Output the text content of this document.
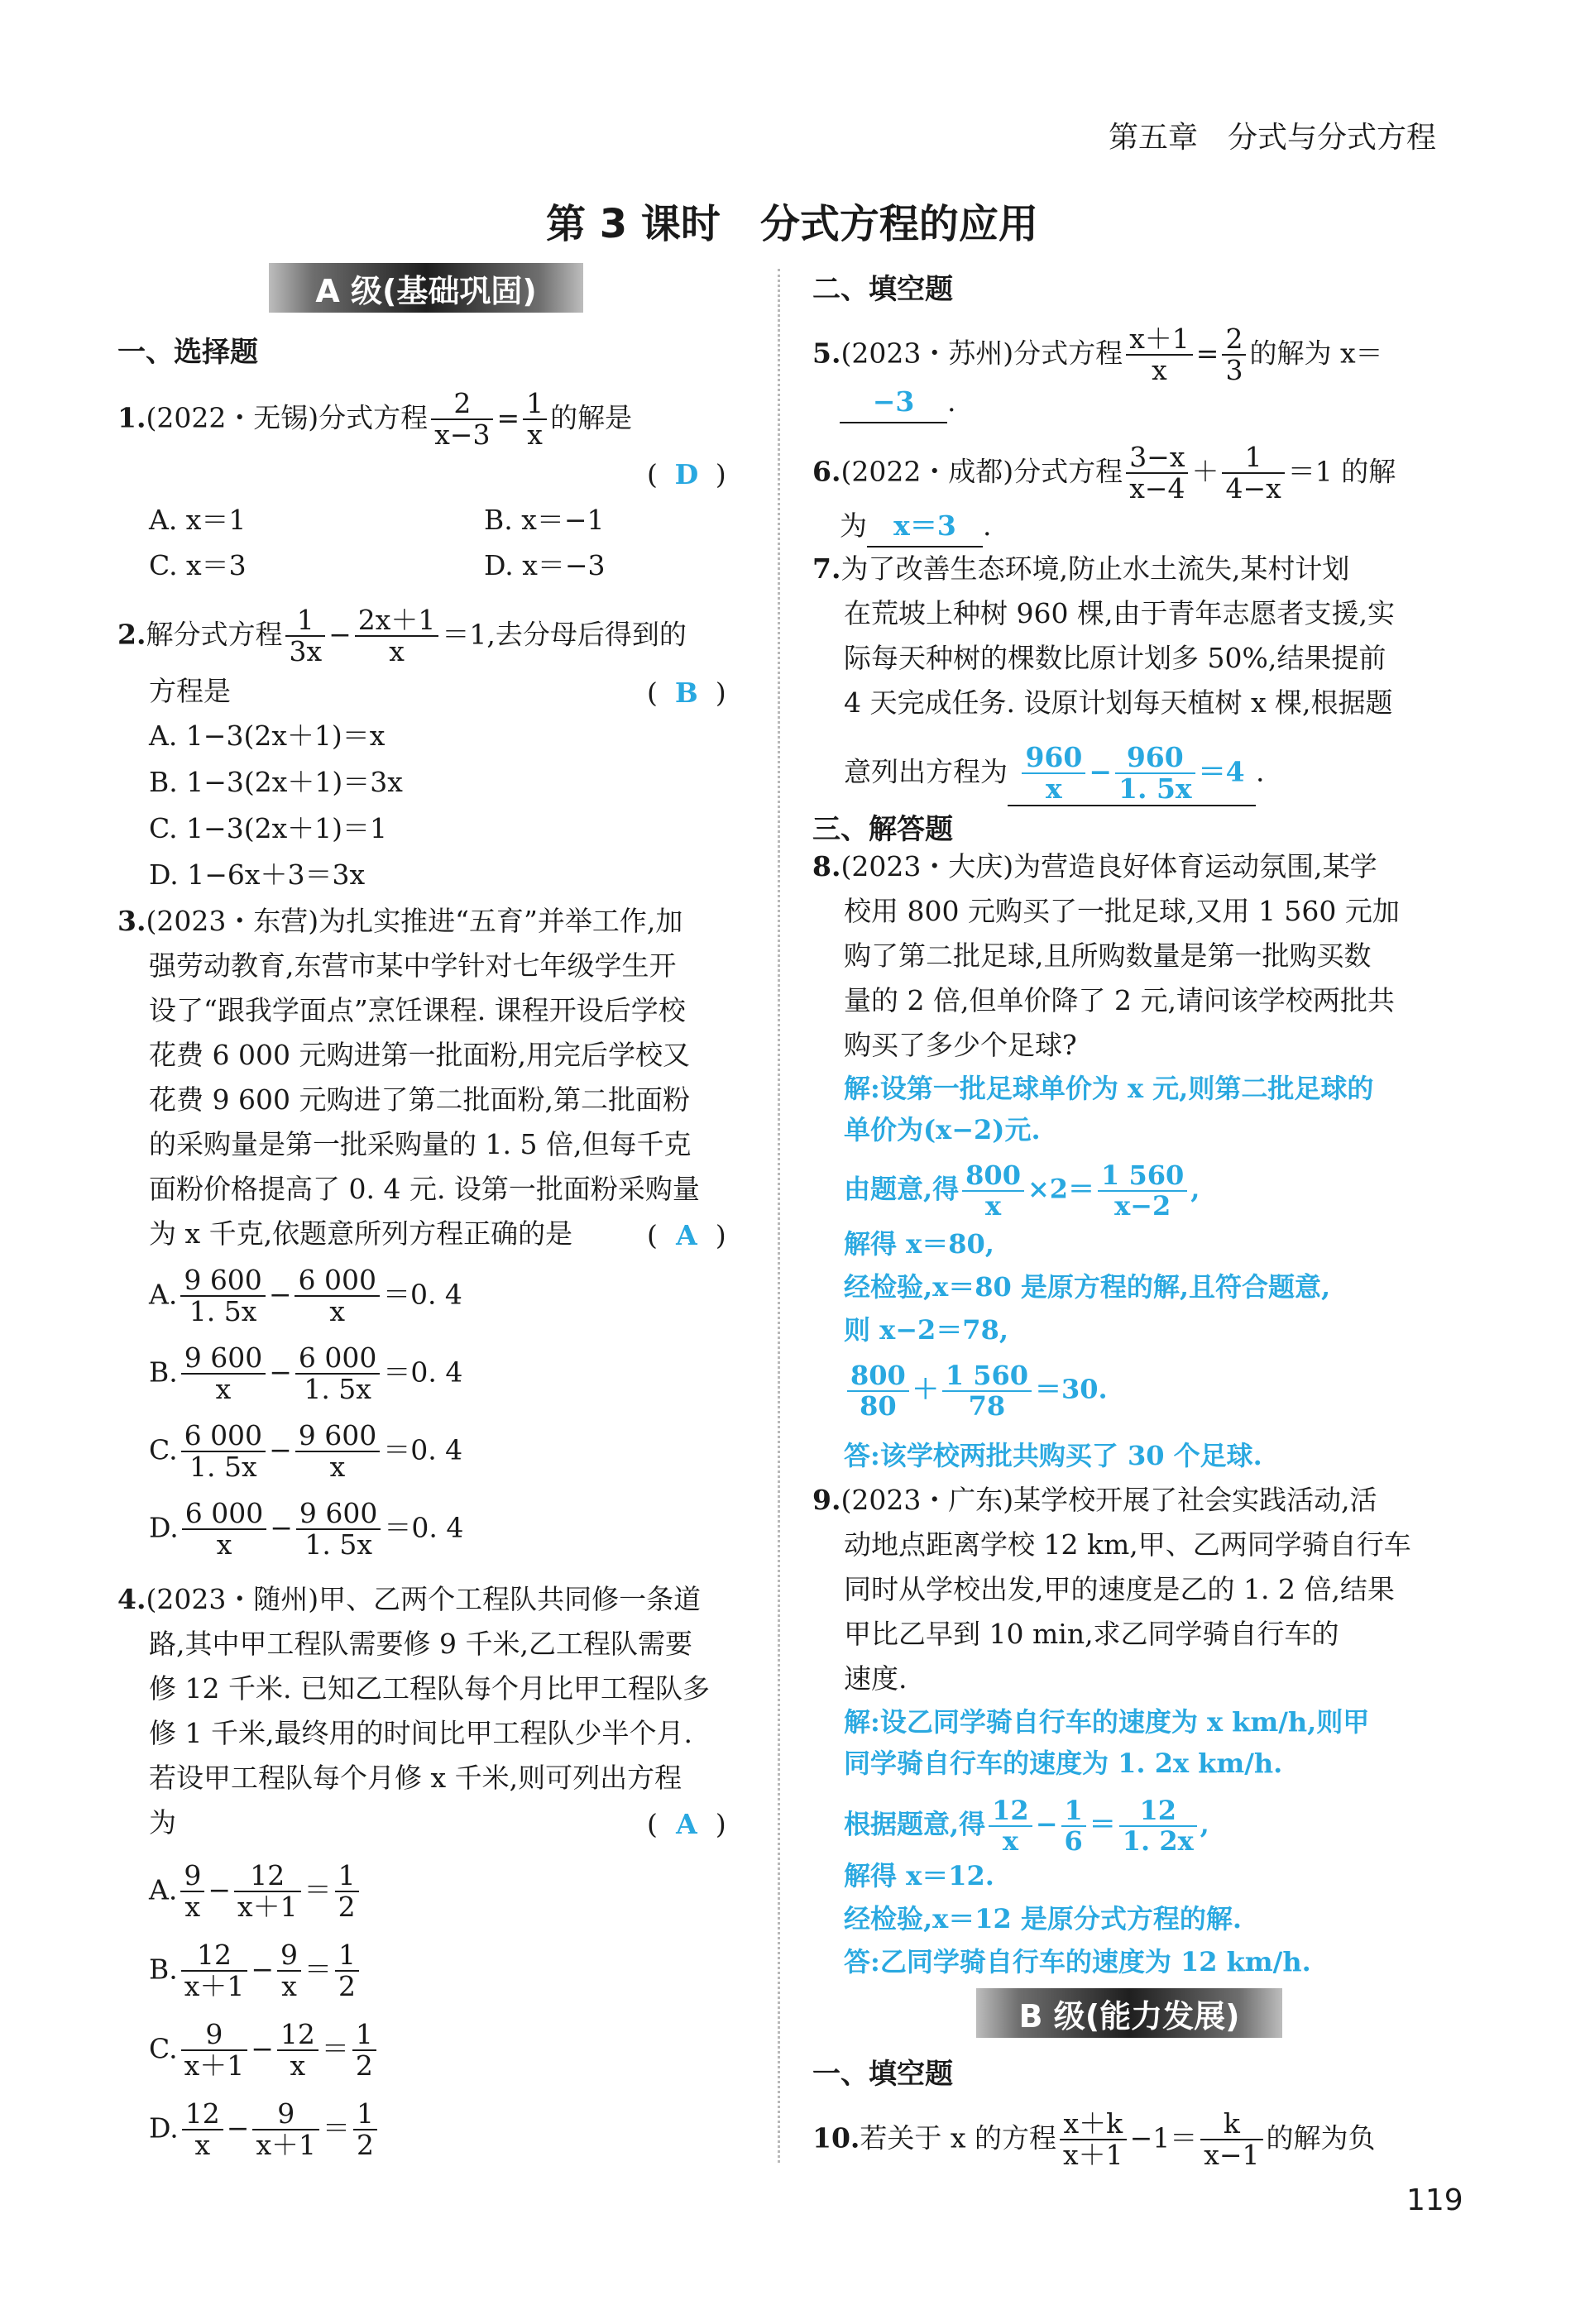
第五章　分式与分式方程
第 3 课时　分式方程的应用
A 级(基础巩固)
一、选择题
1.(2022・无锡)分式方程 $\frac{2}{x-3} = \frac{1}{x}$ 的解是
( D )
A. x＝1	B. x＝−1
C. x＝3	D. x＝−3
2.解分式方程 $\frac{1}{3x} - \frac{2x+1}{x} =1$,去分母后得到的
方程是	( B )
A. 1−3(2x＋1)＝x
B. 1−3(2x＋1)＝3x
C. 1−3(2x＋1)＝1
D. 1−6x＋3＝3x
3.(2023・东营)为扎实推进“五育”并举工作,加
强劳动教育,东营市某中学针对七年级学生开
设了“跟我学面点”烹饪课程. 课程开设后学校
花费 6 000 元购进第一批面粉,用完后学校又
花费 9 600 元购进了第二批面粉,第二批面粉
的采购量是第一批采购量的 1. 5 倍,但每千克
面粉价格提高了 0. 4 元. 设第一批面粉采购量
为 x 千克,依题意所列方程正确的是	( A )
A. $\frac{9 600}{1. 5x} - \frac{6 000}{x} =0$. 4
B. $\frac{9 600}{x} - \frac{6 000}{1. 5x} =0$. 4
C. $\frac{6 000}{1. 5x} - \frac{9 600}{x} =0$. 4
D. $\frac{6 000}{x} - \frac{9 600}{1. 5x} =0$. 4
4.(2023・随州)甲、乙两个工程队共同修一条道
路,其中甲工程队需要修 9 千米,乙工程队需要
修 12 千米. 已知乙工程队每个月比甲工程队多
修 1 千米,最终用的时间比甲工程队少半个月.
若设甲工程队每个月修 x 千米,则可列出方程
为	( A )
A. $\frac{9}{x} - \frac{12}{x+1} = \frac{1}{2}$
B. $\frac{12}{x+1} - \frac{9}{x} = \frac{1}{2}$
C. $\frac{9}{x+1} - \frac{12}{x} = \frac{1}{2}$
D. $\frac{12}{x} - \frac{9}{x+1} = \frac{1}{2}$
二、填空题
5.(2023・苏州)分式方程 $\frac{x+1}{x} = \frac{2}{3}$ 的解为 x＝
−3 .
6.(2022・成都)分式方程 $\frac{3-x}{x-4} + \frac{1}{4-x} =1$ 的解
为 x＝3 .
7.为了改善生态环境,防止水土流失,某村计划
在荒坡上种树 960 棵,由于青年志愿者支援,实
际每天种树的棵数比原计划多 50%,结果提前
4 天完成任务. 设原计划每天植树 x 棵,根据题
意列出方程为 $\frac{960}{x} - \frac{960}{1. 5x} =4$ .
三、解答题
8.(2023・大庆)为营造良好体育运动氛围,某学
校用 800 元购买了一批足球,又用 1 560 元加
购了第二批足球,且所购数量是第一批购买数
量的 2 倍,但单价降了 2 元,请问该学校两批共
购买了多少个足球?
解:设第一批足球单价为 x 元,则第二批足球的
单价为(x−2)元.
由题意,得 $\frac{800}{x} \times 2= \frac{1 560}{x-2}$ ,
解得 x＝80,
经检验,x＝80 是原方程的解,且符合题意,
则 x−2＝78,
$\frac{800}{80} + \frac{1 560}{78} =30$.
答:该学校两批共购买了 30 个足球.
9.(2023・广东)某学校开展了社会实践活动,活
动地点距离学校 12 km,甲、乙两同学骑自行车
同时从学校出发,甲的速度是乙的 1. 2 倍,结果
甲比乙早到 10 min,求乙同学骑自行车的
速度.
解:设乙同学骑自行车的速度为 x km/h,则甲
同学骑自行车的速度为 1. 2x km/h.
根据题意,得 $\frac{12}{x} - \frac{1}{6} = \frac{12}{1. 2x}$ ,
解得 x＝12.
经检验,x＝12 是原分式方程的解.
答:乙同学骑自行车的速度为 12 km/h.
B 级(能力发展)
一、填空题
10.若关于 x 的方程 $\frac{x+k}{x+1} -1= \frac{k}{x-1}$ 的解为负
119
